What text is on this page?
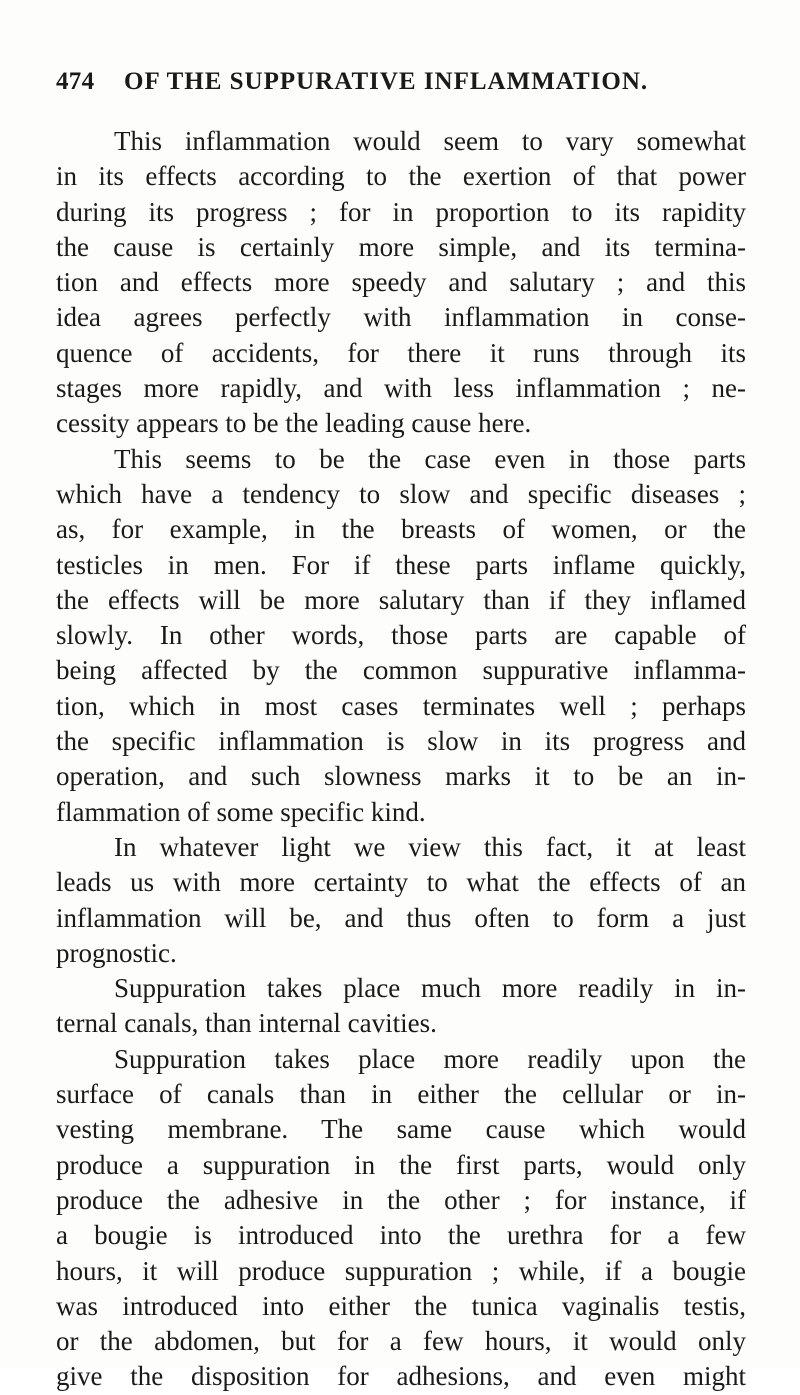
474	OF THE SUPPURATIVE INFLAMMATION.
This inflammation would seem to vary somewhat
in its effects according to the exertion of that power
during its progress ; for in proportion to its rapidity
the cause is certainly more simple, and its termina-
tion and effects more speedy and salutary ; and this
idea agrees perfectly with inflammation in conse-
quence of accidents, for there it runs through its
stages more rapidly, and with less inflammation ; ne-
cessity appears to be the leading cause here.
This seems to be the case even in those parts
which have a tendency to slow and specific diseases ;
as, for example, in the breasts of women, or the
testicles in men. For if these parts inflame quickly,
the effects will be more salutary than if they inflamed
slowly. In other words, those parts are capable of
being affected by the common suppurative inflamma-
tion, which in most cases terminates well ; perhaps
the specific inflammation is slow in its progress and
operation, and such slowness marks it to be an in-
flammation of some specific kind.
In whatever light we view this fact, it at least
leads us with more certainty to what the effects of an
inflammation will be, and thus often to form a just
prognostic.
Suppuration takes place much more readily in in-
ternal canals, than internal cavities.
Suppuration takes place more readily upon the
surface of canals than in either the cellular or in-
vesting membrane. The same cause which would
produce a suppuration in the first parts, would only
produce the adhesive in the other ; for instance, if
a bougie is introduced into the urethra for a few
hours, it will produce suppuration ; while, if a bougie
was introduced into either the tunica vaginalis testis,
or the abdomen, but for a few hours, it would only
give the disposition for adhesions, and even might
